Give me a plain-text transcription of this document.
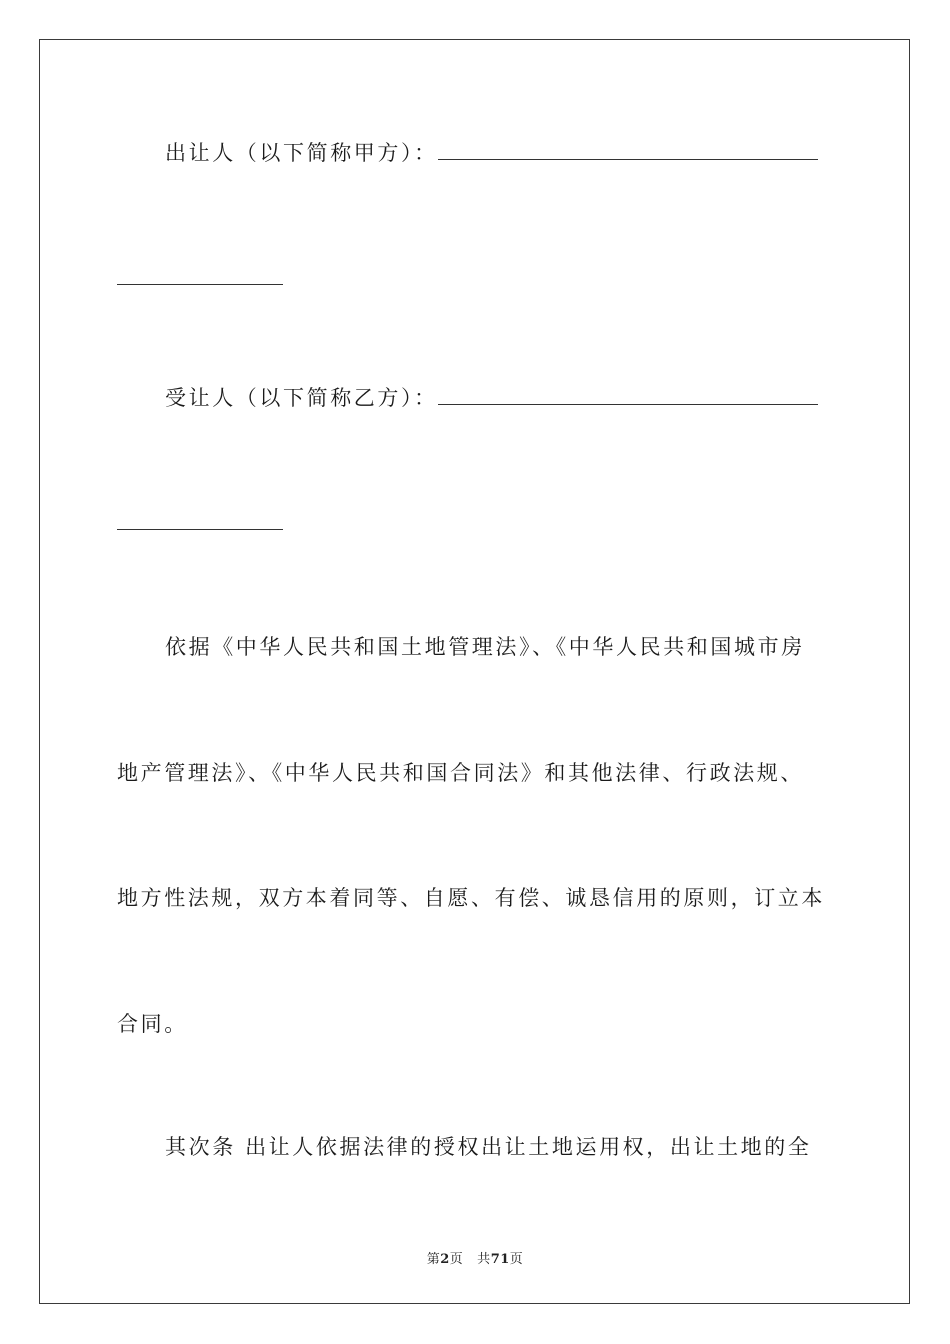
出让人（以下简称甲方）：
受让人（以下简称乙方）：
依据《中华人民共和国土地管理法》、《中华人民共和国城市房
地产管理法》、《中华人民共和国合同法》和其他法律、行政法规、
地方性法规，双方本着同等、自愿、有偿、诚恳信用的原则，订立本
合同。
其次条 出让人依据法律的授权出让土地运用权，出让土地的全
第2页 共71页
